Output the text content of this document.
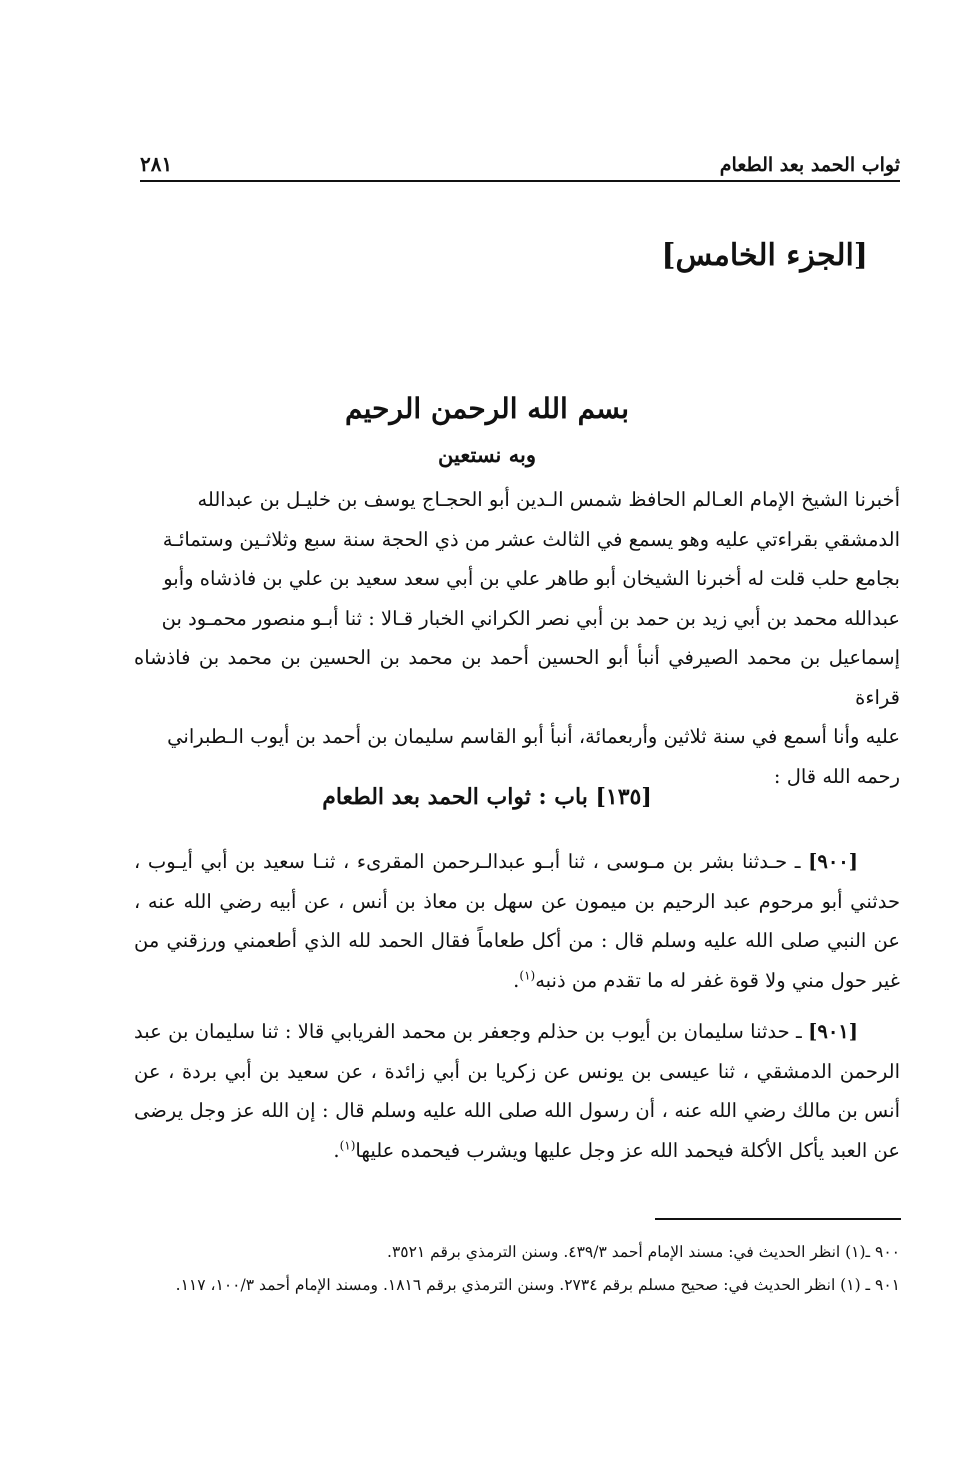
ثواب الحمد بعد الطعام
٢٨١
[الجزء الخامس]
بسم الله الرحمن الرحيم
وبه نستعين

أخبرنا الشيخ الإمام العـالم الحافظ شمس الـدين أبو الحجـاج يوسف بن خليـل بن عبدالله

الدمشقي بقراءتي عليه وهو يسمع في الثالث عشر من ذي الحجة سنة سبع وثلاثـين وستمائـة

بجامع حلب قلت له أخبرنا الشيخان أبو طاهر علي بن أبي سعد سعيد بن علي بن فاذشاه وأبو

عبدالله محمد بن أبي زيد بن حمد بن أبي نصر الكراني الخبار قـالا : ثنا أبـو منصور محمـود بن

إسماعيل بن محمد الصيرفي أنبأ أبو الحسين أحمد بن محمد بن الحسين بن محمد بن فاذشاه قراءة

عليه وأنا أسمع في سنة ثلاثين وأربعمائة، أنبأ أبو القاسم سليمان بن أحمد بن أيوب الـطبراني

رحمه الله قال :

[١٣٥] باب : ثواب الحمد بعد الطعام

[٩٠٠] ـ حـدثنا بشر بن مـوسى ، ثنا أبـو عبدالـرحمن المقرىء ، ثنـا سعيد بن أبي أيـوب ، حدثني أبو مرحوم عبد الرحيم بن ميمون عن سهل بن معاذ بن أنس ، عن أبيه رضي الله عنه ، عن النبي صلى الله عليه وسلم قال : من أكل طعاماً فقال الحمد لله الذي أطعمني ورزقني من غير حول مني ولا قوة غفر له ما تقدم من ذنبه$^{(١)}$.

[٩٠١] ـ حدثنا سليمان بن أيوب بن حذلم وجعفر بن محمد الفريابي قالا : ثنا سليمان بن عبد الرحمن الدمشقي ، ثنا عيسى بن يونس عن زكريا بن أبي زائدة ، عن سعيد بن أبي بردة ، عن أنس بن مالك رضي الله عنه ، أن رسول الله صلى الله عليه وسلم قال : إن الله عز وجل يرضى عن العبد يأكل الأكلة فيحمد الله عز وجل عليها ويشرب فيحمده عليها$^{(١)}$.

٩٠٠ ـ(١) انظر الحديث في: مسند الإمام أحمد ٤٣٩/٣. وسنن الترمذي برقم ٣٥٢١.

٩٠١ ـ (١) انظر الحديث في: صحيح مسلم برقم ٢٧٣٤. وسنن الترمذي برقم ١٨١٦. ومسند الإمام أحمد ١٠٠/٣، ١١٧.
